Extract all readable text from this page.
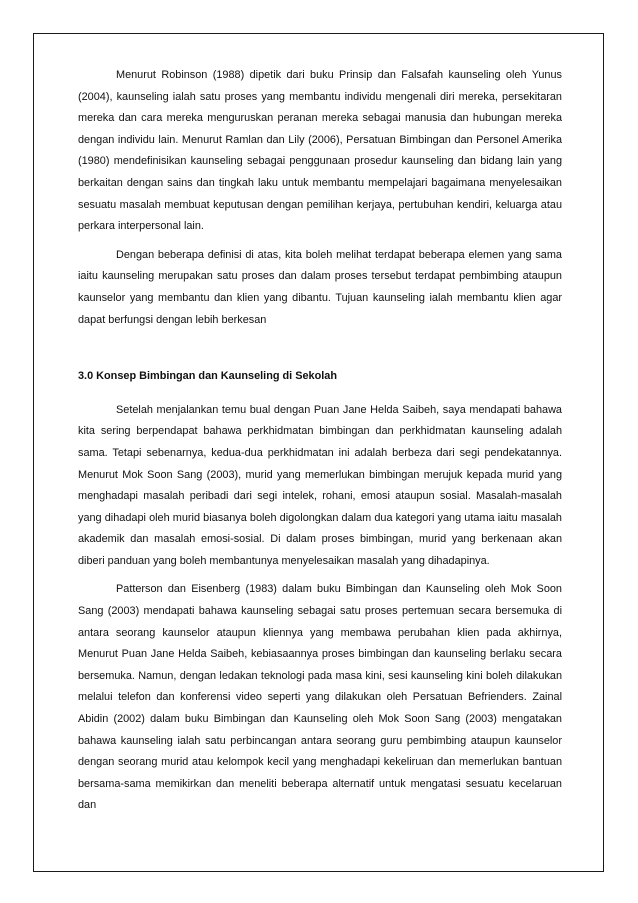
Menurut Robinson (1988) dipetik dari buku Prinsip dan Falsafah kaunseling oleh Yunus (2004), kaunseling ialah satu proses yang membantu individu mengenali diri mereka, persekitaran mereka dan cara mereka menguruskan peranan mereka sebagai manusia dan hubungan mereka dengan individu lain. Menurut Ramlan dan Lily (2006), Persatuan Bimbingan dan Personel Amerika (1980) mendefinisikan kaunseling sebagai penggunaan prosedur kaunseling dan bidang lain yang berkaitan dengan sains dan tingkah laku untuk membantu mempelajari bagaimana menyelesaikan sesuatu masalah membuat keputusan dengan pemilihan kerjaya, pertubuhan kendiri, keluarga atau perkara interpersonal lain.

Dengan beberapa definisi di atas, kita boleh melihat terdapat beberapa elemen yang sama iaitu kaunseling merupakan satu proses dan dalam proses tersebut terdapat pembimbing ataupun kaunselor yang membantu dan klien yang dibantu. Tujuan kaunseling ialah membantu klien agar dapat berfungsi dengan lebih berkesan

3.0 Konsep Bimbingan dan Kaunseling di Sekolah

Setelah menjalankan temu bual dengan Puan Jane Helda Saibeh, saya mendapati bahawa kita sering berpendapat bahawa perkhidmatan bimbingan dan perkhidmatan kaunseling adalah sama. Tetapi sebenarnya, kedua-dua perkhidmatan ini adalah berbeza dari segi pendekatannya. Menurut Mok Soon Sang (2003), murid yang memerlukan bimbingan merujuk kepada murid yang menghadapi masalah peribadi dari segi intelek, rohani, emosi ataupun sosial. Masalah-masalah yang dihadapi oleh murid biasanya boleh digolongkan dalam dua kategori yang utama iaitu masalah akademik dan masalah emosi-sosial. Di dalam proses bimbingan, murid yang berkenaan akan diberi panduan yang boleh membantunya menyelesaikan masalah yang dihadapinya.

Patterson dan Eisenberg (1983) dalam buku Bimbingan dan Kaunseling oleh Mok Soon Sang (2003) mendapati bahawa kaunseling sebagai satu proses pertemuan secara bersemuka di antara seorang kaunselor ataupun kliennya yang membawa perubahan klien pada akhirnya, Menurut Puan Jane Helda Saibeh, kebiasaannya proses bimbingan dan kaunseling berlaku secara bersemuka. Namun, dengan ledakan teknologi pada masa kini, sesi kaunseling kini boleh dilakukan melalui telefon dan konferensi video seperti yang dilakukan oleh Persatuan Befrienders. Zainal Abidin (2002) dalam buku Bimbingan dan Kaunseling oleh Mok Soon Sang (2003) mengatakan bahawa kaunseling ialah satu perbincangan antara seorang guru pembimbing ataupun kaunselor dengan seorang murid atau kelompok kecil yang menghadapi kekeliruan dan memerlukan bantuan bersama-sama memikirkan dan meneliti beberapa alternatif untuk mengatasi sesuatu kecelaruan dan
